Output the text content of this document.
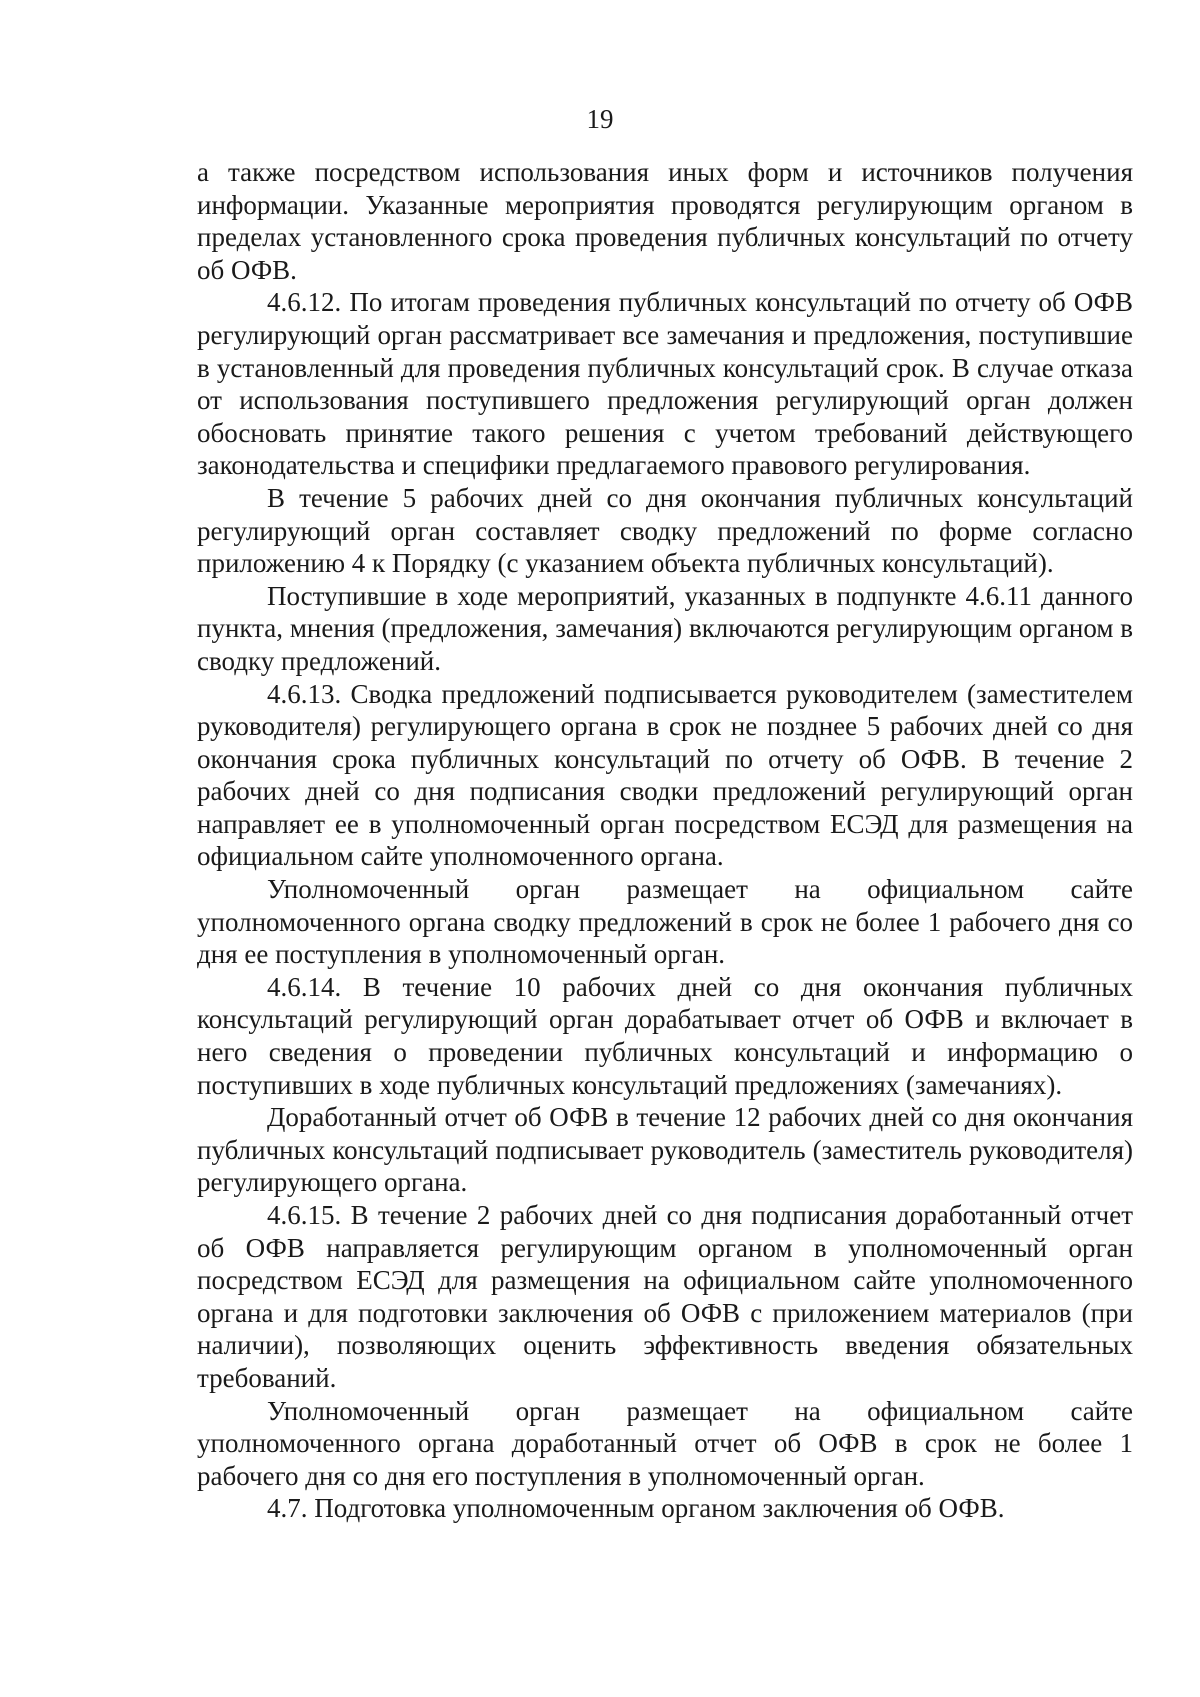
19

а также посредством использования иных форм и источников получения информации. Указанные мероприятия проводятся регулирующим органом в пределах установленного срока проведения публичных консультаций по отчету об ОФВ.

4.6.12. По итогам проведения публичных консультаций по отчету об ОФВ регулирующий орган рассматривает все замечания и предложения, поступившие в установленный для проведения публичных консультаций срок. В случае отказа от использования поступившего предложения регулирующий орган должен обосновать принятие такого решения с учетом требований действующего законодательства и специфики предлагаемого правового регулирования.

В течение 5 рабочих дней со дня окончания публичных консультаций регулирующий орган составляет сводку предложений по форме согласно приложению 4 к Порядку (с указанием объекта публичных консультаций).

Поступившие в ходе мероприятий, указанных в подпункте 4.6.11 данного пункта, мнения (предложения, замечания) включаются регулирующим органом в сводку предложений.

4.6.13. Сводка предложений подписывается руководителем (заместителем руководителя) регулирующего органа в срок не позднее 5 рабочих дней со дня окончания срока публичных консультаций по отчету об ОФВ. В течение 2 рабочих дней со дня подписания сводки предложений регулирующий орган направляет ее в уполномоченный орган посредством ЕСЭД для размещения на официальном сайте уполномоченного органа.

Уполномоченный орган размещает на официальном сайте уполномоченного органа сводку предложений в срок не более 1 рабочего дня со дня ее поступления в уполномоченный орган.

4.6.14. В течение 10 рабочих дней со дня окончания публичных консультаций регулирующий орган дорабатывает отчет об ОФВ и включает в него сведения о проведении публичных консультаций и информацию о поступивших в ходе публичных консультаций предложениях (замечаниях).

Доработанный отчет об ОФВ в течение 12 рабочих дней со дня окончания публичных консультаций подписывает руководитель (заместитель руководителя) регулирующего органа.

4.6.15. В течение 2 рабочих дней со дня подписания доработанный отчет об ОФВ направляется регулирующим органом в уполномоченный орган посредством ЕСЭД для размещения на официальном сайте уполномоченного органа и для подготовки заключения об ОФВ с приложением материалов (при наличии), позволяющих оценить эффективность введения обязательных требований.

Уполномоченный орган размещает на официальном сайте уполномоченного органа доработанный отчет об ОФВ в срок не более 1 рабочего дня со дня его поступления в уполномоченный орган.

4.7. Подготовка уполномоченным органом заключения об ОФВ.
